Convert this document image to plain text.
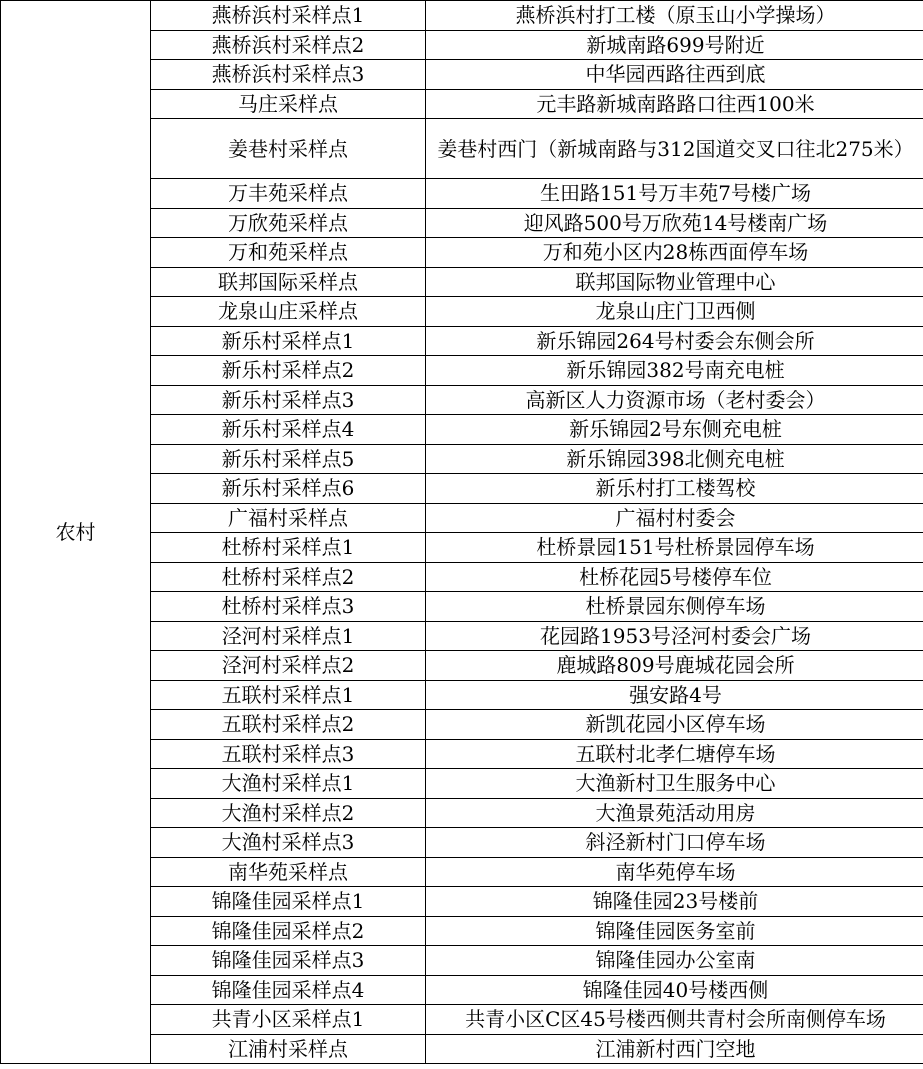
农村	燕桥浜村采样点1	燕桥浜村打工楼（原玉山小学操场）
	燕桥浜村采样点2	新城南路699号附近
	燕桥浜村采样点3	中华园西路往西到底
	马庄采样点	元丰路新城南路路口往西100米
	姜巷村采样点	姜巷村西门（新城南路与312国道交叉口往北275米）
	万丰苑采样点	生田路151号万丰苑7号楼广场
	万欣苑采样点	迎风路500号万欣苑14号楼南广场
	万和苑采样点	万和苑小区内28栋西面停车场
	联邦国际采样点	联邦国际物业管理中心
	龙泉山庄采样点	龙泉山庄门卫西侧
	新乐村采样点1	新乐锦园264号村委会东侧会所
	新乐村采样点2	新乐锦园382号南充电桩
	新乐村采样点3	高新区人力资源市场（老村委会）
	新乐村采样点4	新乐锦园2号东侧充电桩
	新乐村采样点5	新乐锦园398北侧充电桩
	新乐村采样点6	新乐村打工楼驾校
	广福村采样点	广福村村委会
	杜桥村采样点1	杜桥景园151号杜桥景园停车场
	杜桥村采样点2	杜桥花园5号楼停车位
	杜桥村采样点3	杜桥景园东侧停车场
	泾河村采样点1	花园路1953号泾河村委会广场
	泾河村采样点2	鹿城路809号鹿城花园会所
	五联村采样点1	强安路4号
	五联村采样点2	新凯花园小区停车场
	五联村采样点3	五联村北孝仁塘停车场
	大渔村采样点1	大渔新村卫生服务中心
	大渔村采样点2	大渔景苑活动用房
	大渔村采样点3	斜泾新村门口停车场
	南华苑采样点	南华苑停车场
	锦隆佳园采样点1	锦隆佳园23号楼前
	锦隆佳园采样点2	锦隆佳园医务室前
	锦隆佳园采样点3	锦隆佳园办公室南
	锦隆佳园采样点4	锦隆佳园40号楼西侧
	共青小区采样点1	共青小区C区45号楼西侧共青村会所南侧停车场
	江浦村采样点	江浦新村西门空地
